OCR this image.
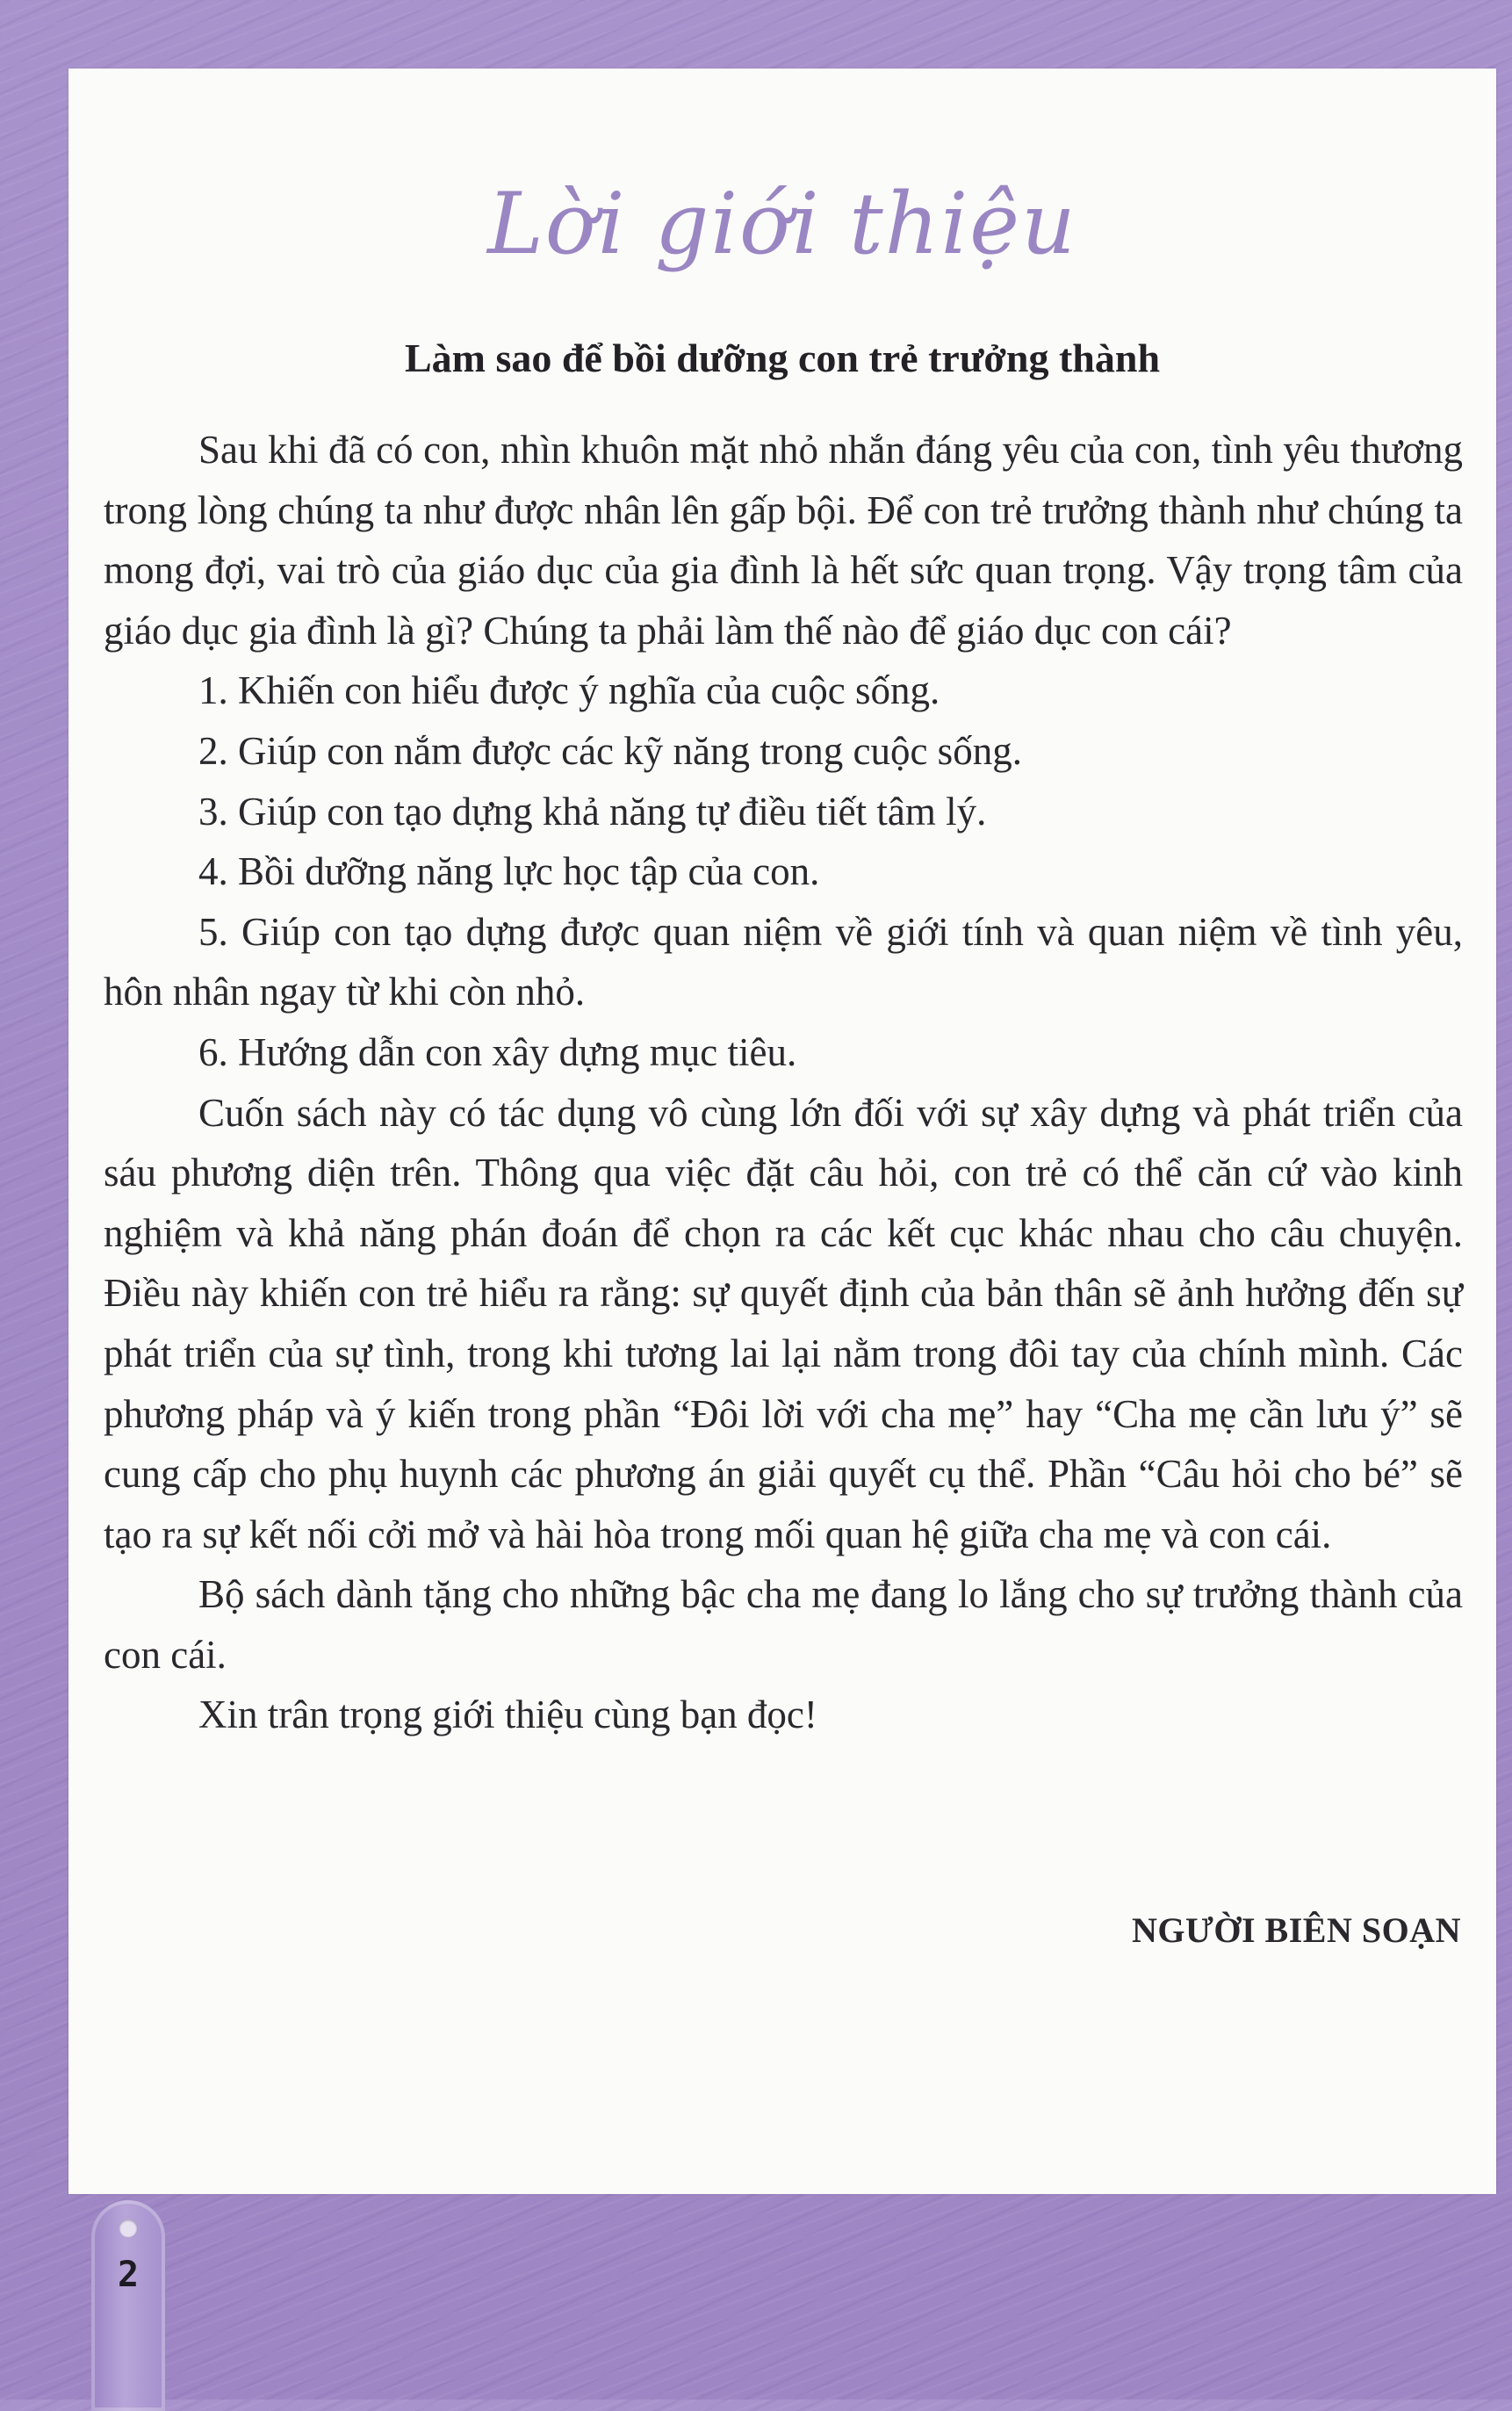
Lời giới thiệu
Làm sao để bồi dưỡng con trẻ trưởng thành

Sau khi đã có con, nhìn khuôn mặt nhỏ nhắn đáng yêu của con, tình yêu thương trong lòng chúng ta như được nhân lên gấp bội. Để con trẻ trưởng thành như chúng ta mong đợi, vai trò của giáo dục của gia đình là hết sức quan trọng. Vậy trọng tâm của giáo dục gia đình là gì? Chúng ta phải làm thế nào để giáo dục con cái?

1. Khiến con hiểu được ý nghĩa của cuộc sống.

2. Giúp con nắm được các kỹ năng trong cuộc sống.

3. Giúp con tạo dựng khả năng tự điều tiết tâm lý.

4. Bồi dưỡng năng lực học tập của con.

5. Giúp con tạo dựng được quan niệm về giới tính và quan niệm về tình yêu, hôn nhân ngay từ khi còn nhỏ.

6. Hướng dẫn con xây dựng mục tiêu.

Cuốn sách này có tác dụng vô cùng lớn đối với sự xây dựng và phát triển của sáu phương diện trên. Thông qua việc đặt câu hỏi, con trẻ có thể căn cứ vào kinh nghiệm và khả năng phán đoán để chọn ra các kết cục khác nhau cho câu chuyện. Điều này khiến con trẻ hiểu ra rằng: sự quyết định của bản thân sẽ ảnh hưởng đến sự phát triển của sự tình, trong khi tương lai lại nằm trong đôi tay của chính mình. Các phương pháp và ý kiến trong phần “Đôi lời với cha mẹ” hay “Cha mẹ cần lưu ý” sẽ cung cấp cho phụ huynh các phương án giải quyết cụ thể. Phần “Câu hỏi cho bé” sẽ tạo ra sự kết nối cởi mở và hài hòa trong mối quan hệ giữa cha mẹ và con cái.

Bộ sách dành tặng cho những bậc cha mẹ đang lo lắng cho sự trưởng thành của con cái.

Xin trân trọng giới thiệu cùng bạn đọc!

NGƯỜI BIÊN SOẠN
2
